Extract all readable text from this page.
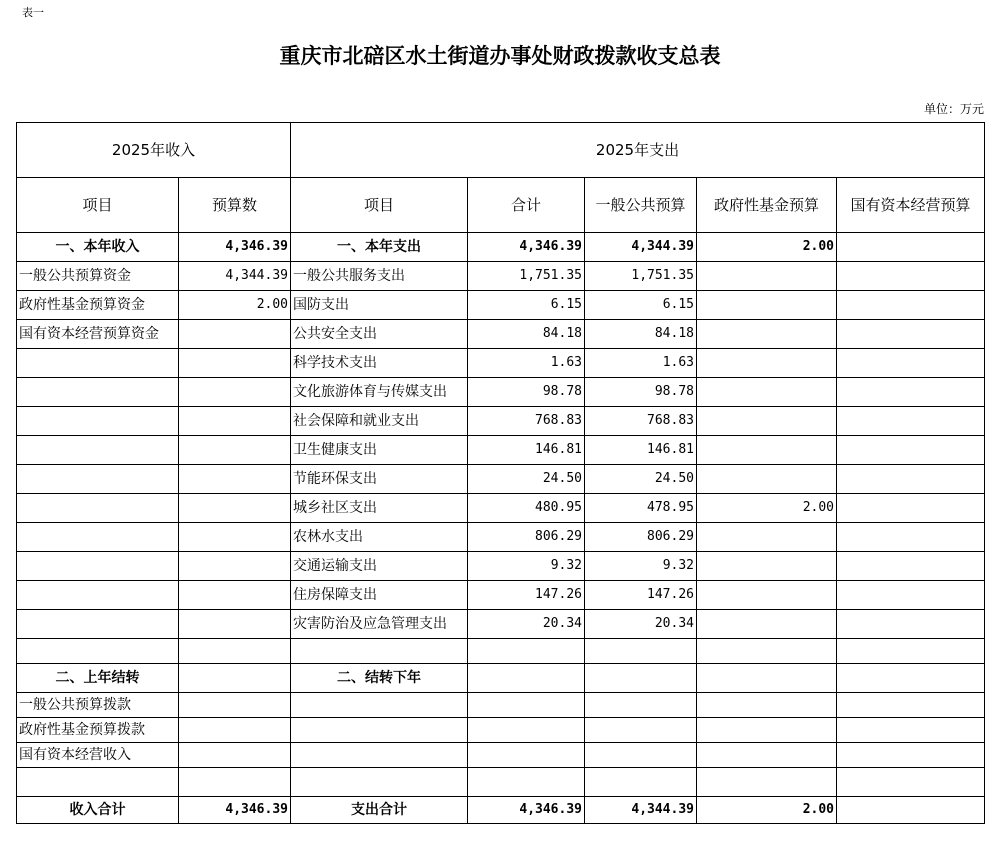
表一
重庆市北碚区水土街道办事处财政拨款收支总表
单位：万元
2025年收入		2025年支出				
项目	预算数	项目	合计	一般公共预算	政府性基金预算	国有资本经营预算
一、本年收入	4,346.39	一、本年支出	4,346.39	4,344.39	2.00	
一般公共预算资金	4,344.39	一般公共服务支出	1,751.35	1,751.35		
政府性基金预算资金	2.00	国防支出	6.15	6.15		
国有资本经营预算资金		公共安全支出	84.18	84.18		
		科学技术支出	1.63	1.63		
		文化旅游体育与传媒支出	98.78	98.78		
		社会保障和就业支出	768.83	768.83		
		卫生健康支出	146.81	146.81		
		节能环保支出	24.50	24.50		
		城乡社区支出	480.95	478.95	2.00	
		农林水支出	806.29	806.29		
		交通运输支出	9.32	9.32		
		住房保障支出	147.26	147.26		
		灾害防治及应急管理支出	20.34	20.34		

二、上年结转		二、结转下年				
一般公共预算拨款						
政府性基金预算拨款						
国有资本经营收入						

收入合计	4,346.39	支出合计	4,346.39	4,344.39	2.00	
